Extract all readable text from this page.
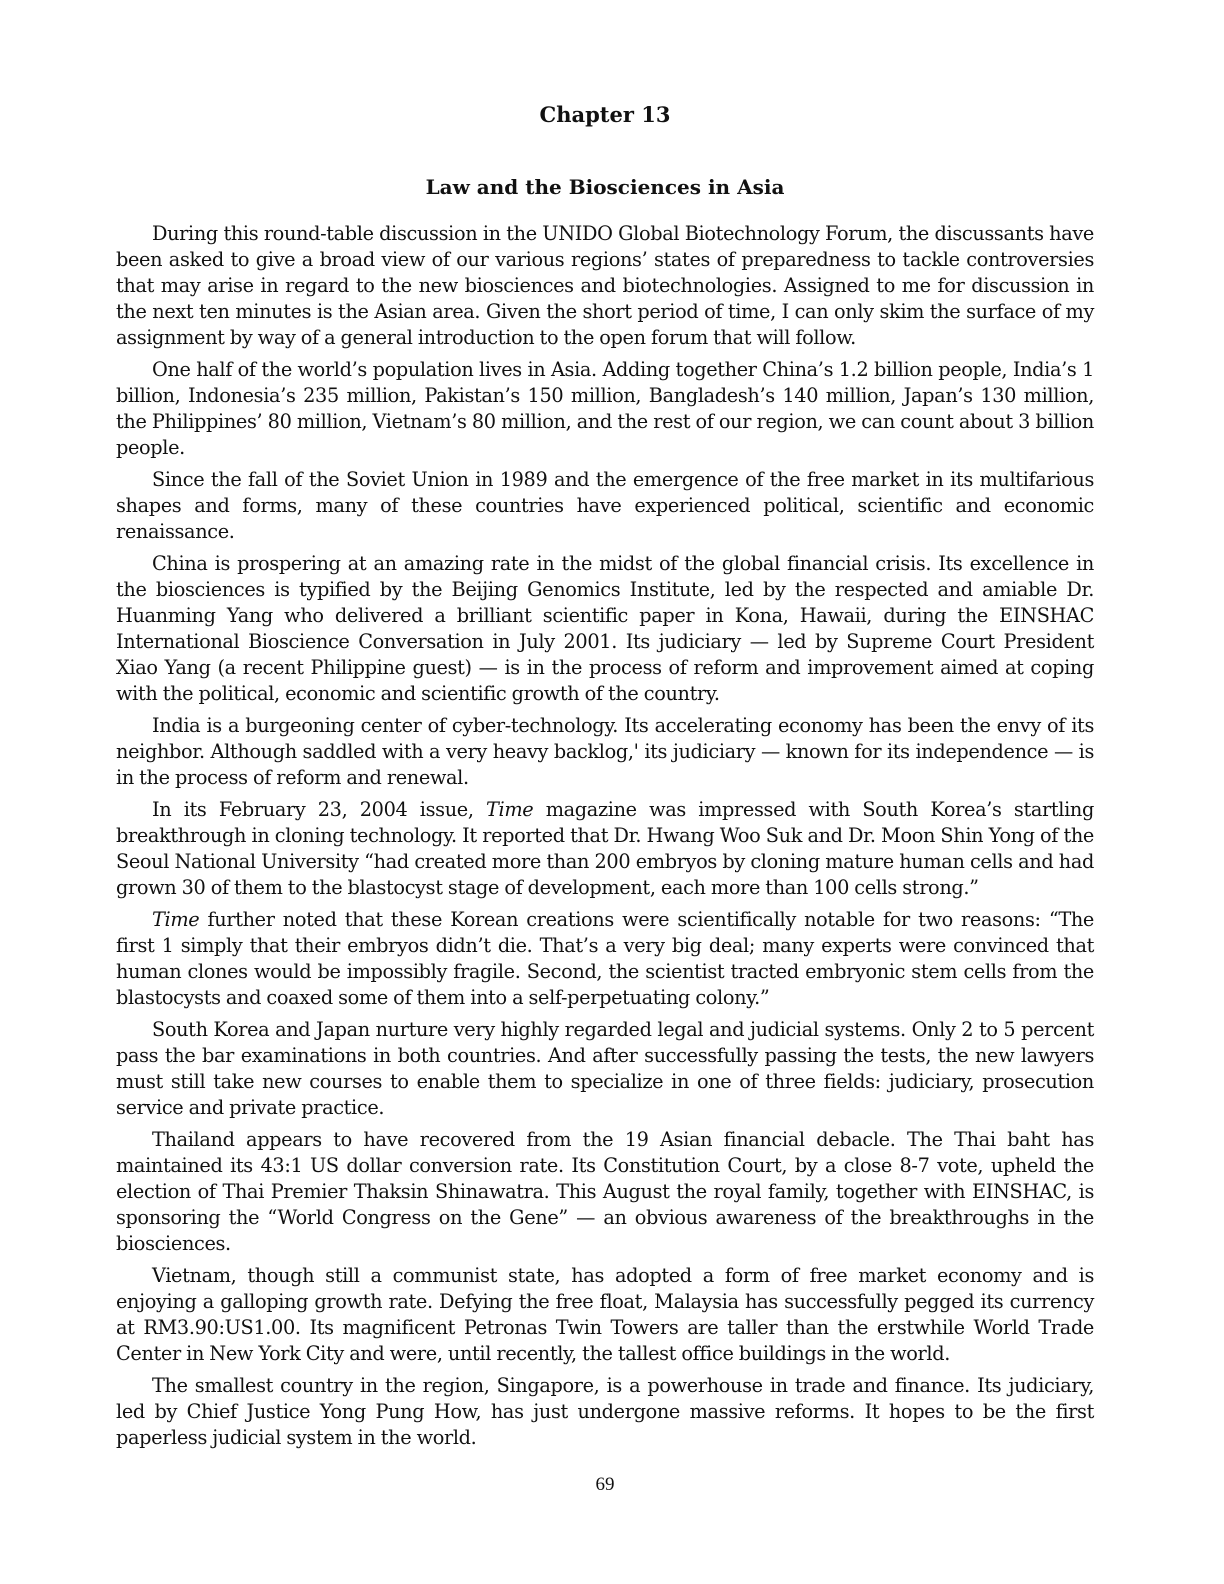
Chapter 13
Law and the Biosciences in Asia

During this round-table discussion in the UNIDO Global Biotechnology Forum, the discussants have been asked to give a broad view of our various regions’ states of preparedness to tackle controversies that may arise in regard to the new biosciences and biotechnologies. Assigned to me for discussion in the next ten minutes is the Asian area. Given the short period of time, I can only skim the surface of my assignment by way of a general introduction to the open forum that will follow.

One half of the world’s population lives in Asia. Adding together China’s 1.2 billion people, India’s 1 billion, Indonesia’s 235 million, Pakistan’s 150 million, Bangladesh’s 140 million, Japan’s 130 million, the Philippines’ 80 million, Vietnam’s 80 million, and the rest of our region, we can count about 3 billion people.

Since the fall of the Soviet Union in 1989 and the emergence of the free market in its multifarious shapes and forms, many of these countries have experienced political, scientific and economic renaissance.

China is prospering at an amazing rate in the midst of the global financial crisis. Its excellence in the biosciences is typified by the Beijing Genomics Institute, led by the respected and amiable Dr. Huanming Yang who delivered a brilliant scientific paper in Kona, Hawaii, during the EINSHAC International Bioscience Conversation in July 2001. Its judiciary — led by Supreme Court President Xiao Yang (a recent Philippine guest) — is in the process of reform and improvement aimed at coping with the political, economic and scientific growth of the country.

India is a burgeoning center of cyber-technology. Its accelerating economy has been the envy of its neighbor. Although saddled with a very heavy backlog,' its judiciary — known for its independence — is in the process of reform and renewal.

In its February 23, 2004 issue, Time magazine was impressed with South Korea’s startling breakthrough in cloning technology. It reported that Dr. Hwang Woo Suk and Dr. Moon Shin Yong of the Seoul National University “had created more than 200 embryos by cloning mature human cells and had grown 30 of them to the blastocyst stage of development, each more than 100 cells strong.”

Time further noted that these Korean creations were scientifically notable for two reasons: “The first 1 simply that their embryos didn’t die. That’s a very big deal; many experts were convinced that human clones would be impossibly fragile. Second, the scientist tracted embryonic stem cells from the blastocysts and coaxed some of them into a self-perpetuating colony.”

South Korea and Japan nurture very highly regarded legal and judicial systems. Only 2 to 5 percent pass the bar examinations in both countries. And after successfully passing the tests, the new lawyers must still take new courses to enable them to specialize in one of three fields: judiciary, prosecution service and private practice.

Thailand appears to have recovered from the 19 Asian financial debacle. The Thai baht has maintained its 43:1 US dollar conversion rate. Its Constitution Court, by a close 8-7 vote, upheld the election of Thai Premier Thaksin Shinawatra. This August the royal family, together with EINSHAC, is sponsoring the “World Congress on the Gene” — an obvious awareness of the breakthroughs in the biosciences.

Vietnam, though still a communist state, has adopted a form of free market economy and is enjoying a galloping growth rate. Defying the free float, Malaysia has successfully pegged its currency at RM3.90:US1.00. Its magnificent Petronas Twin Towers are taller than the erstwhile World Trade Center in New York City and were, until recently, the tallest office buildings in the world.

The smallest country in the region, Singapore, is a powerhouse in trade and finance. Its judiciary, led by Chief Justice Yong Pung How, has just undergone massive reforms. It hopes to be the first paperless judicial system in the world.

69
